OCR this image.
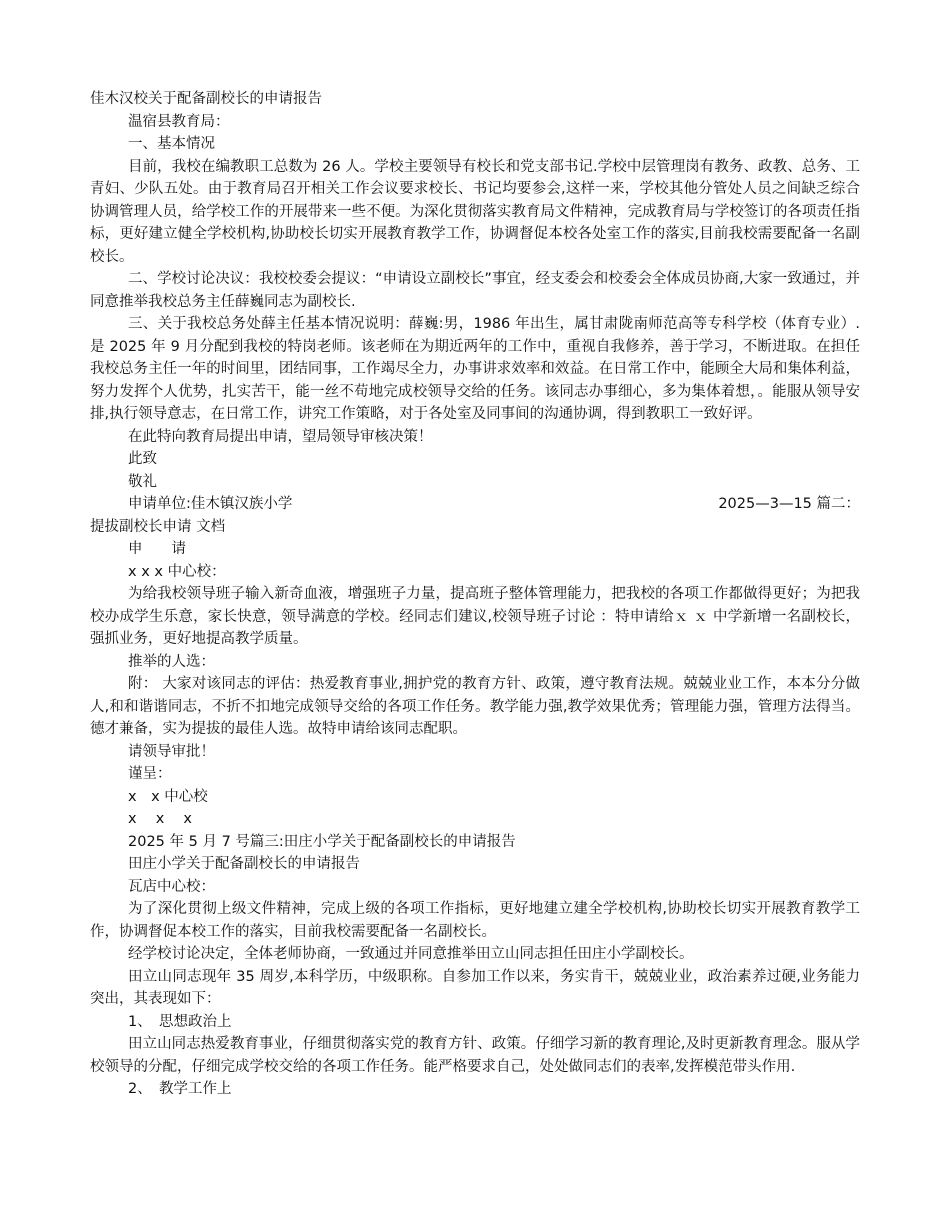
佳木汉校关于配备副校长的申请报告
温宿县教育局：
一、基本情况
目前，我校在编教职工总数为 26 人。学校主要领导有校长和党支部书记.学校中层管理岗有教务、政教、总务、工青妇、少队五处。由于教育局召开相关工作会议要求校长、书记均要参会,这样一来，学校其他分管处人员之间缺乏综合协调管理人员，给学校工作的开展带来一些不便。为深化贯彻落实教育局文件精神，完成教育局与学校签订的各项责任指标，更好建立健全学校机构,协助校长切实开展教育教学工作，协调督促本校各处室工作的落实,目前我校需要配备一名副校长。
二、学校讨论决议：我校校委会提议：“申请设立副校长”事宜，经支委会和校委会全体成员协商,大家一致通过，并同意推举我校总务主任薛巍同志为副校长.
三、关于我校总务处薛主任基本情况说明：薛巍:男，1986 年出生，属甘肃陇南师范高等专科学校（体育专业）. 是 2025 年 9 月分配到我校的特岗老师。该老师在为期近两年的工作中，重视自我修养，善于学习，不断进取。在担任我校总务主任一年的时间里，团结同事，工作竭尽全力，办事讲求效率和效益。在日常工作中，能顾全大局和集体利益，努力发挥个人优势，扎实苦干，能一丝不苟地完成校领导交给的任务。该同志办事细心，多为集体着想，。能服从领导安排,执行领导意志，在日常工作，讲究工作策略，对于各处室及同事间的沟通协调，得到教职工一致好评。
在此特向教育局提出申请，望局领导审核决策！
此致
敬礼
申请单位:佳木镇汉族小学	2025—3—15 篇二：
提拔副校长申请 文档
申　　请
x x x 中心校：
为给我校领导班子输入新奇血液，增强班子力量，提高班子整体管理能力，把我校的各项工作都做得更好；为把我校办成学生乐意，家长快意，领导满意的学校。经同志们建议,校领导班子讨论 ：特申请给ｘ ｘ 中学新增一名副校长，强抓业务，更好地提高教学质量。
推举的人选：
附： 大家对该同志的评估：热爱教育事业,拥护党的教育方针、政策，遵守教育法规。兢兢业业工作，本本分分做人,和和谐谐同志，不折不扣地完成领导交给的各项工作任务。教学能力强,教学效果优秀；管理能力强，管理方法得当。德才兼备，实为提拔的最佳人选。故特申请给该同志配职。
请领导审批！
谨呈：
x　x 中心校
x　 x　 x
2025 年 5 月 7 号篇三:田庄小学关于配备副校长的申请报告
田庄小学关于配备副校长的申请报告
瓦店中心校：
为了深化贯彻上级文件精神，完成上级的各项工作指标，更好地建立建全学校机构,协助校长切实开展教育教学工作，协调督促本校工作的落实，目前我校需要配备一名副校长。
经学校讨论决定，全体老师协商，一致通过并同意推举田立山同志担任田庄小学副校长。
田立山同志现年 35 周岁,本科学历，中级职称。自参加工作以来，务实肯干，兢兢业业，政治素养过硬,业务能力突出，其表现如下：
1、　思想政治上
田立山同志热爱教育事业，仔细贯彻落实党的教育方针、政策。仔细学习新的教育理论,及时更新教育理念。服从学校领导的分配，仔细完成学校交给的各项工作任务。能严格要求自己，处处做同志们的表率,发挥模范带头作用.
2、　教学工作上
